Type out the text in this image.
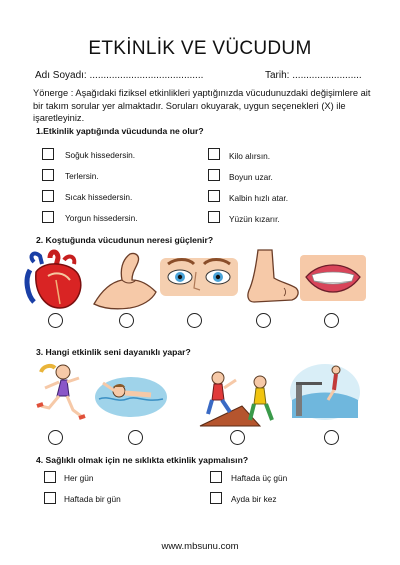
ETKİNLİK VE VÜCUDUM
Adı Soyadı: .........................................	Tarih: .........................
Yönerge : Aşağıdaki fiziksel etkinlikleri yaptığınızda vücudunuzdaki değişimlere ait bir takım sorular yer almaktadır. Soruları okuyarak, uygun seçenekleri (X) ile işaretleyiniz.
1.Etkinlik yaptığında vücudunda ne olur?
Soğuk hissedersin.
Terlersin.
Sıcak hissedersin.
Yorgun hissedersin.
Kilo alırsın.
Boyun uzar.
Kalbin hızlı atar.
Yüzün kızarır.
2. Koştuğunda vücudunun neresi güçlenir?
3. Hangi etkinlik seni dayanıklı yapar?
4. Sağlıklı olmak için ne sıklıkta etkinlik yapmalısın?
Her gün
Haftada bir gün
Haftada üç gün
Ayda bir kez
www.mbsunu.com
